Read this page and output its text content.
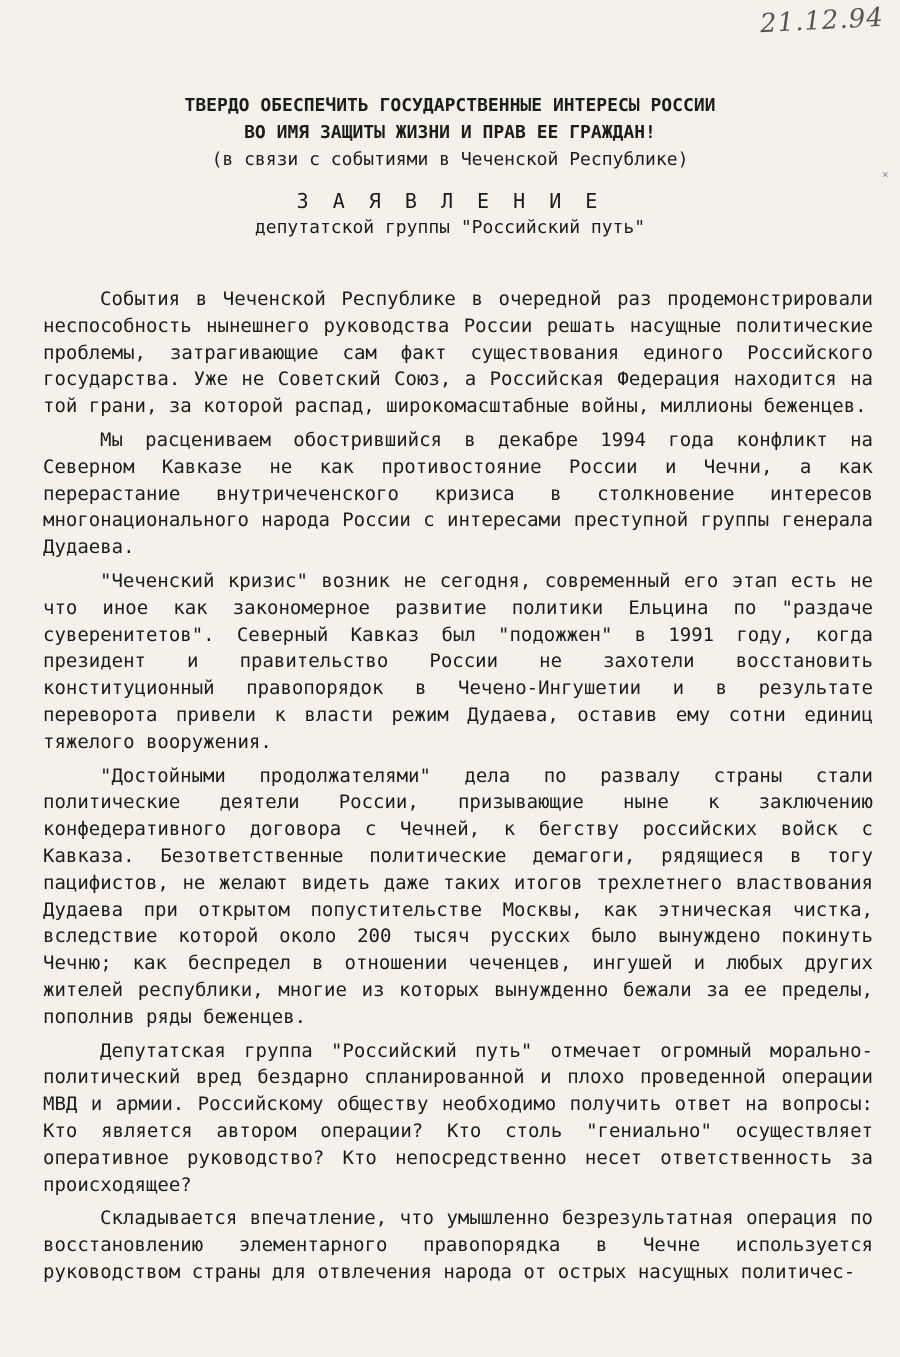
21.12.94
×

ТВЕРДО ОБЕСПЕЧИТЬ ГОСУДАРСТВЕННЫЕ ИНТЕРЕСЫ РОССИИ

ВО ИМЯ ЗАЩИТЫ ЖИЗНИ И ПРАВ ЕЕ ГРАЖДАН!

(в связи с событиями в Чеченской Республике)

З А Я В Л Е Н И Е
депутатской группы "Российский путь"

События в Чеченской Республике в очередной раз продемонстрировали неспособность нынешнего руководства России решать насущные политические проблемы, затрагивающие сам факт существования единого Российского государства. Уже не Советский Союз, а Российская Федерация находится на той грани, за которой распад, широкомасштабные войны, миллионы беженцев.

Мы расцениваем обострившийся в декабре 1994 года конфликт на Северном Кавказе не как противостояние России и Чечни, а как перерастание внутричеченского кризиса в столкновение интересов многонационального народа России с интересами преступной группы генерала Дудаева.

"Чеченский кризис" возник не сегодня, современный его этап есть не что иное как закономерное развитие политики Ельцина по "раздаче суверенитетов". Северный Кавказ был "подожжен" в 1991 году, когда президент и правительство России не захотели восстановить конституционный правопорядок в Чечено-Ингушетии и в результате переворота привели к власти режим Дудаева, оставив ему сотни единиц тяжелого вооружения.

"Достойными продолжателями" дела по развалу страны стали политические деятели России, призывающие ныне к заключению конфедеративного договора с Чечней, к бегству российских войск с Кавказа. Безответственные политические демагоги, рядящиеся в тогу пацифистов, не желают видеть даже таких итогов трехлетнего властвования Дудаева при открытом попустительстве Москвы, как этническая чистка, вследствие которой около 200 тысяч русских было вынуждено покинуть Чечню; как беспредел в отношении чеченцев, ингушей и любых других жителей республики, многие из которых вынужденно бежали за ее пределы, пополнив ряды беженцев.

Депутатская группа "Российский путь" отмечает огромный морально-политический вред бездарно спланированной и плохо проведенной операции МВД и армии. Российскому обществу необходимо получить ответ на вопросы: Кто является автором операции? Кто столь "гениально" осуществляет оперативное руководство? Кто непосредственно несет ответственность за происходящее?

Складывается впечатление, что умышленно безрезультатная операция по восстановлению элементарного правопорядка в Чечне используется руководством страны для отвлечения народа от острых насущных политичес-
